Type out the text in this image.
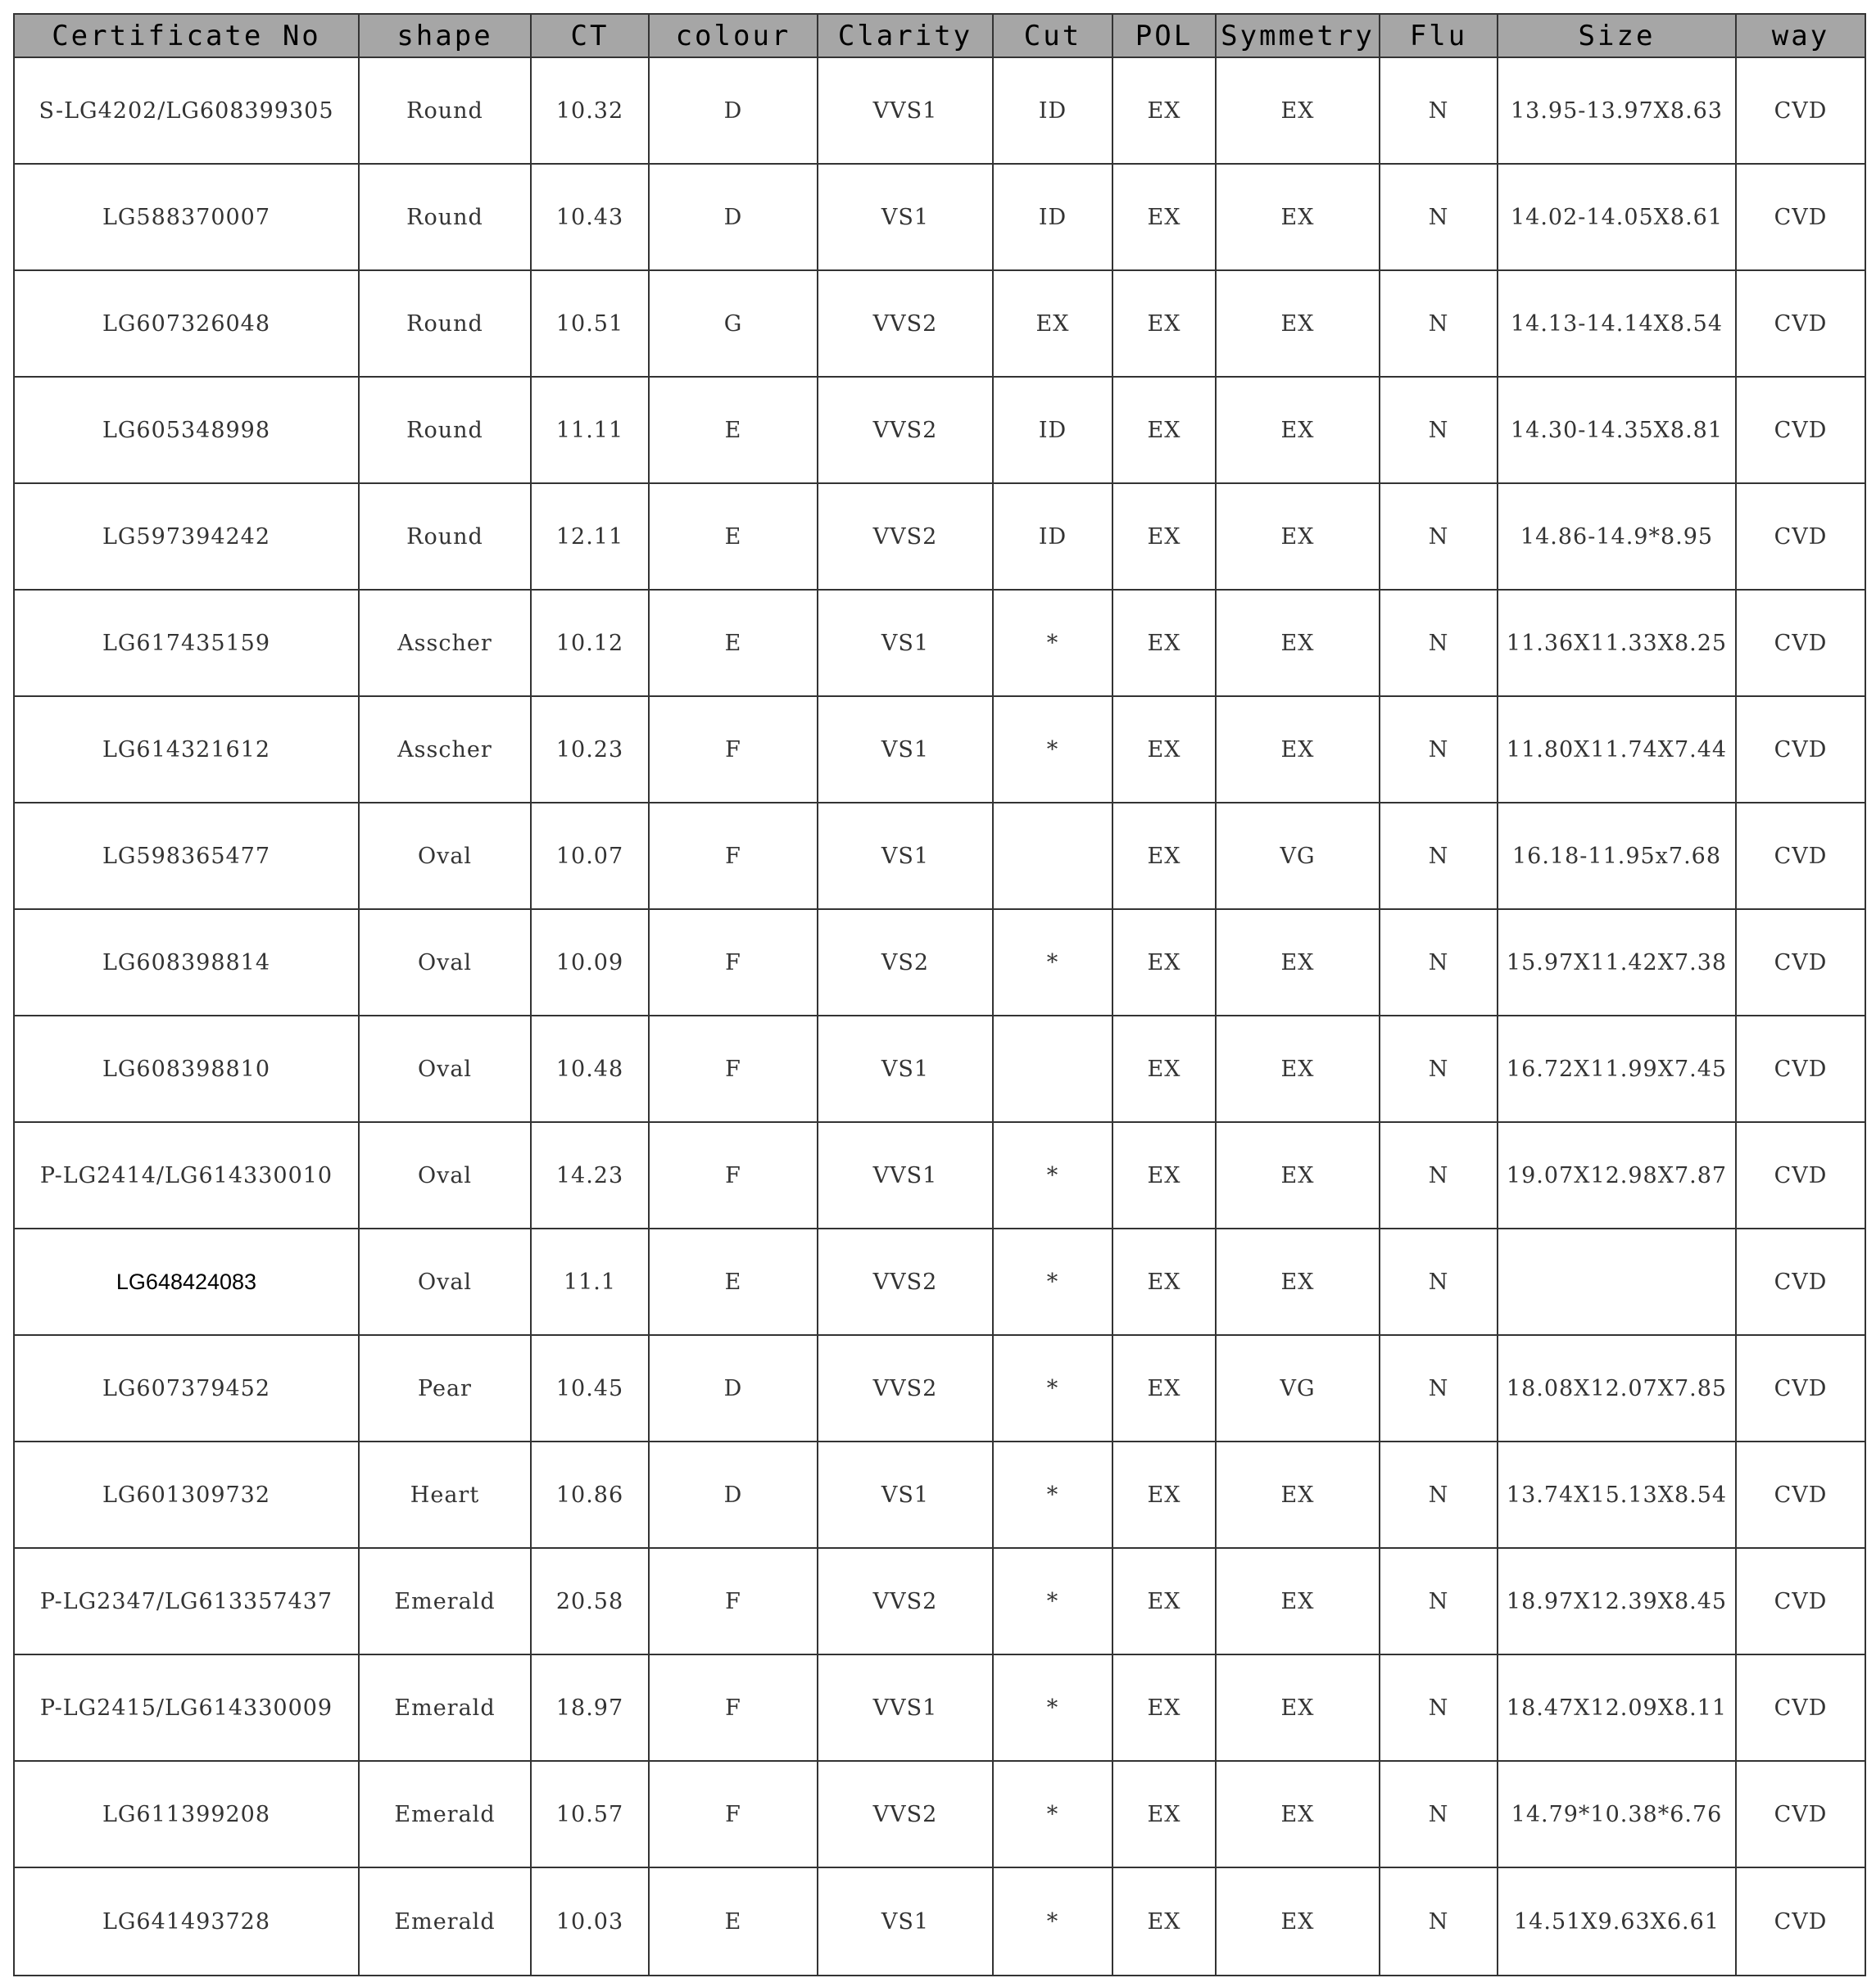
Certificate No	shape	CT	colour	Clarity	Cut	POL	Symmetry	Flu	Size	way
S-LG4202/LG608399305	Round	10.32	D	VVS1	ID	EX	EX	N	13.95-13.97X8.63	CVD
LG588370007	Round	10.43	D	VS1	ID	EX	EX	N	14.02-14.05X8.61	CVD
LG607326048	Round	10.51	G	VVS2	EX	EX	EX	N	14.13-14.14X8.54	CVD
LG605348998	Round	11.11	E	VVS2	ID	EX	EX	N	14.30-14.35X8.81	CVD
LG597394242	Round	12.11	E	VVS2	ID	EX	EX	N	14.86-14.9*8.95	CVD
LG617435159	Asscher	10.12	E	VS1	*	EX	EX	N	11.36X11.33X8.25	CVD
LG614321612	Asscher	10.23	F	VS1	*	EX	EX	N	11.80X11.74X7.44	CVD
LG598365477	Oval	10.07	F	VS1		EX	VG	N	16.18-11.95x7.68	CVD
LG608398814	Oval	10.09	F	VS2	*	EX	EX	N	15.97X11.42X7.38	CVD
LG608398810	Oval	10.48	F	VS1		EX	EX	N	16.72X11.99X7.45	CVD
P-LG2414/LG614330010	Oval	14.23	F	VVS1	*	EX	EX	N	19.07X12.98X7.87	CVD
LG648424083	Oval	11.1	E	VVS2	*	EX	EX	N		CVD
LG607379452	Pear	10.45	D	VVS2	*	EX	VG	N	18.08X12.07X7.85	CVD
LG601309732	Heart	10.86	D	VS1	*	EX	EX	N	13.74X15.13X8.54	CVD
P-LG2347/LG613357437	Emerald	20.58	F	VVS2	*	EX	EX	N	18.97X12.39X8.45	CVD
P-LG2415/LG614330009	Emerald	18.97	F	VVS1	*	EX	EX	N	18.47X12.09X8.11	CVD
LG611399208	Emerald	10.57	F	VVS2	*	EX	EX	N	14.79*10.38*6.76	CVD
LG641493728	Emerald	10.03	E	VS1	*	EX	EX	N	14.51X9.63X6.61	CVD
